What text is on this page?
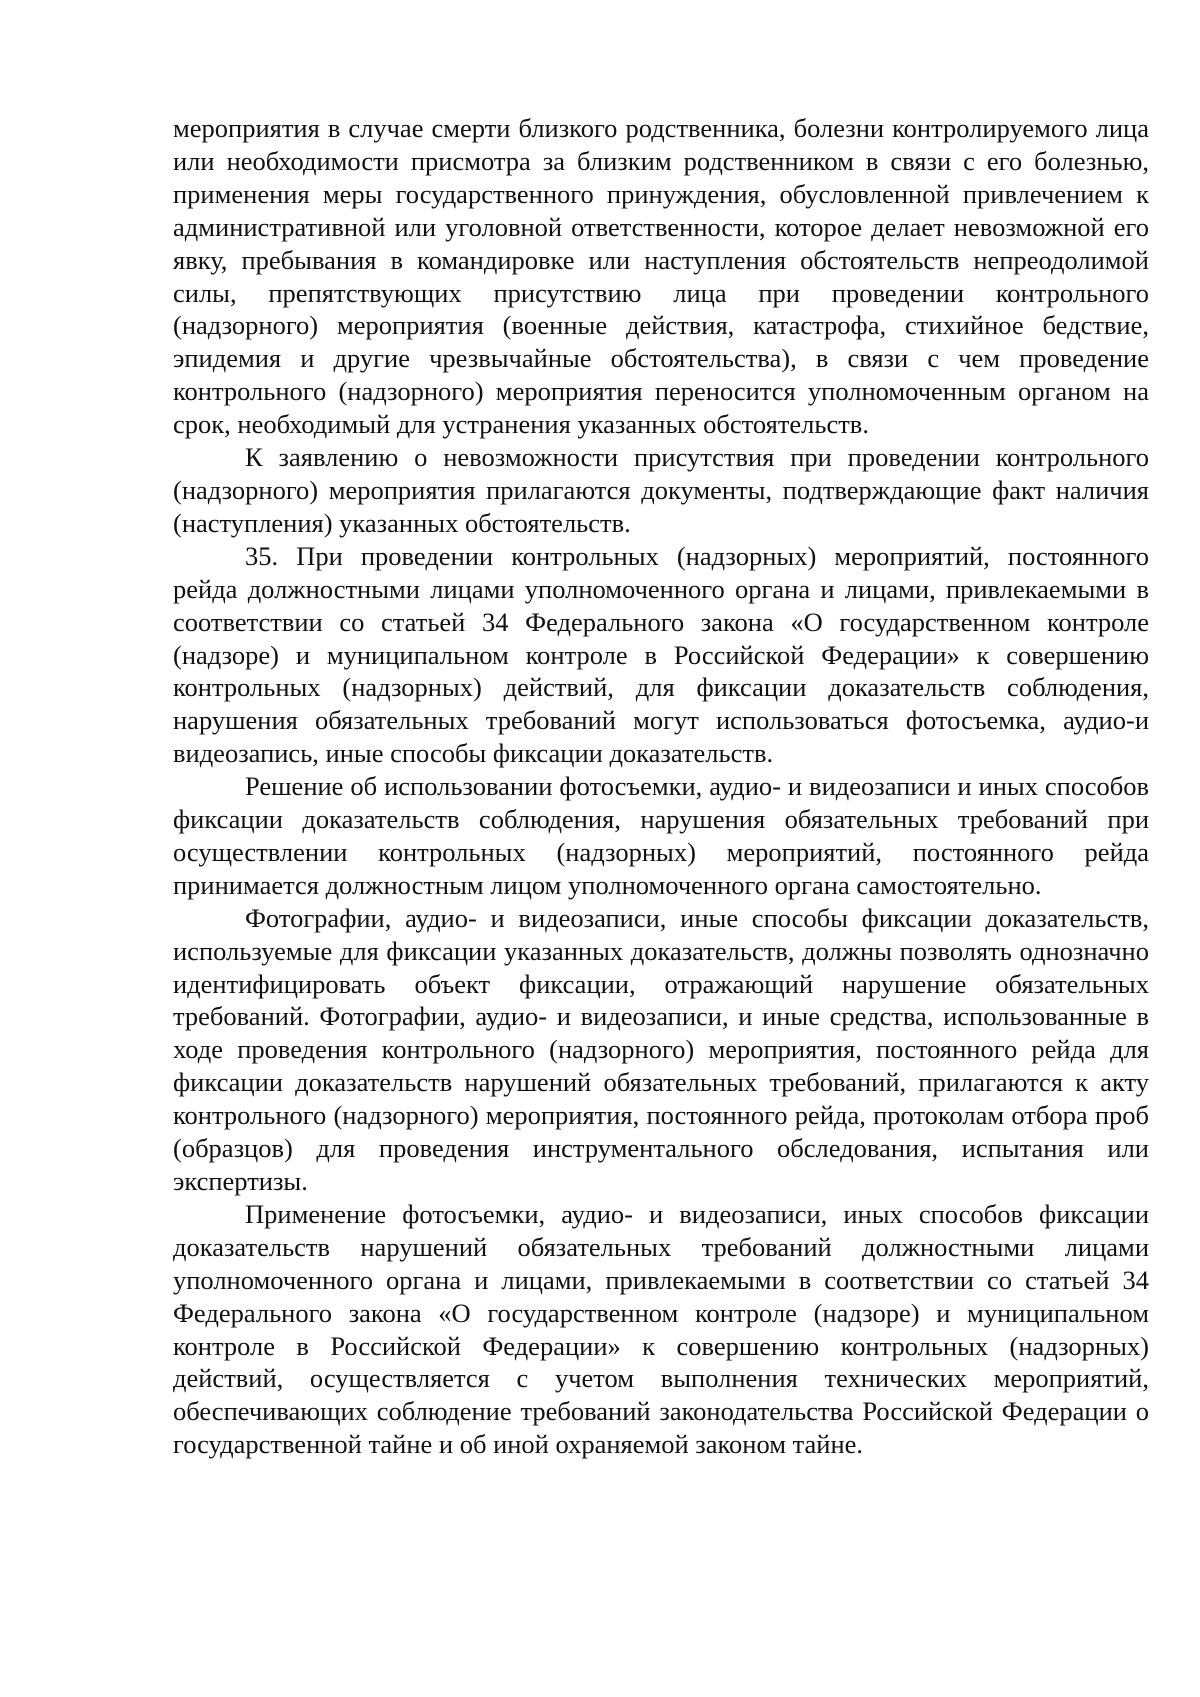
мероприятия в случае смерти близкого родственника, болезни контролируемого лица или необходимости присмотра за близким родственником в связи с его болезнью, применения меры государственного принуждения, обусловленной привлечением к административной или уголовной ответственности, которое делает невозможной его явку, пребывания в командировке или наступления обстоятельств непреодолимой силы, препятствующих присутствию лица при проведении контрольного (надзорного) мероприятия (военные действия, катастрофа, стихийное бедствие, эпидемия и другие чрезвычайные обстоятельства), в связи с чем проведение контрольного (надзорного) мероприятия переносится уполномоченным органом на срок, необходимый для устранения указанных обстоятельств.

К заявлению о невозможности присутствия при проведении контрольного (надзорного) мероприятия прилагаются документы, подтверждающие факт наличия (наступления) указанных обстоятельств.

35. При проведении контрольных (надзорных) мероприятий, постоянного рейда должностными лицами уполномоченного органа и лицами, привлекаемыми в соответствии со статьей 34 Федерального закона «О государственном контроле (надзоре) и муниципальном контроле в Российской Федерации» к совершению контрольных (надзорных) действий, для фиксации доказательств соблюдения, нарушения обязательных требований могут использоваться фотосъемка, аудио-и видеозапись, иные способы фиксации доказательств.

Решение об использовании фотосъемки, аудио- и видеозаписи и иных способов фиксации доказательств соблюдения, нарушения обязательных требований при осуществлении контрольных (надзорных) мероприятий, постоянного рейда принимается должностным лицом уполномоченного органа самостоятельно.

Фотографии, аудио- и видеозаписи, иные способы фиксации доказательств, используемые для фиксации указанных доказательств, должны позволять однозначно идентифицировать объект фиксации, отражающий нарушение обязательных требований. Фотографии, аудио- и видеозаписи, и иные средства, использованные в ходе проведения контрольного (надзорного) мероприятия, постоянного рейда для фиксации доказательств нарушений обязательных требований, прилагаются к акту контрольного (надзорного) мероприятия, постоянного рейда, протоколам отбора проб (образцов) для проведения инструментального обследования, испытания или экспертизы.

Применение фотосъемки, аудио- и видеозаписи, иных способов фиксации доказательств нарушений обязательных требований должностными лицами уполномоченного органа и лицами, привлекаемыми в соответствии со статьей 34 Федерального закона «О государственном контроле (надзоре) и муниципальном контроле в Российской Федерации» к совершению контрольных (надзорных) действий, осуществляется с учетом выполнения технических мероприятий, обеспечивающих соблюдение требований законодательства Российской Федерации о государственной тайне и об иной охраняемой законом тайне.
